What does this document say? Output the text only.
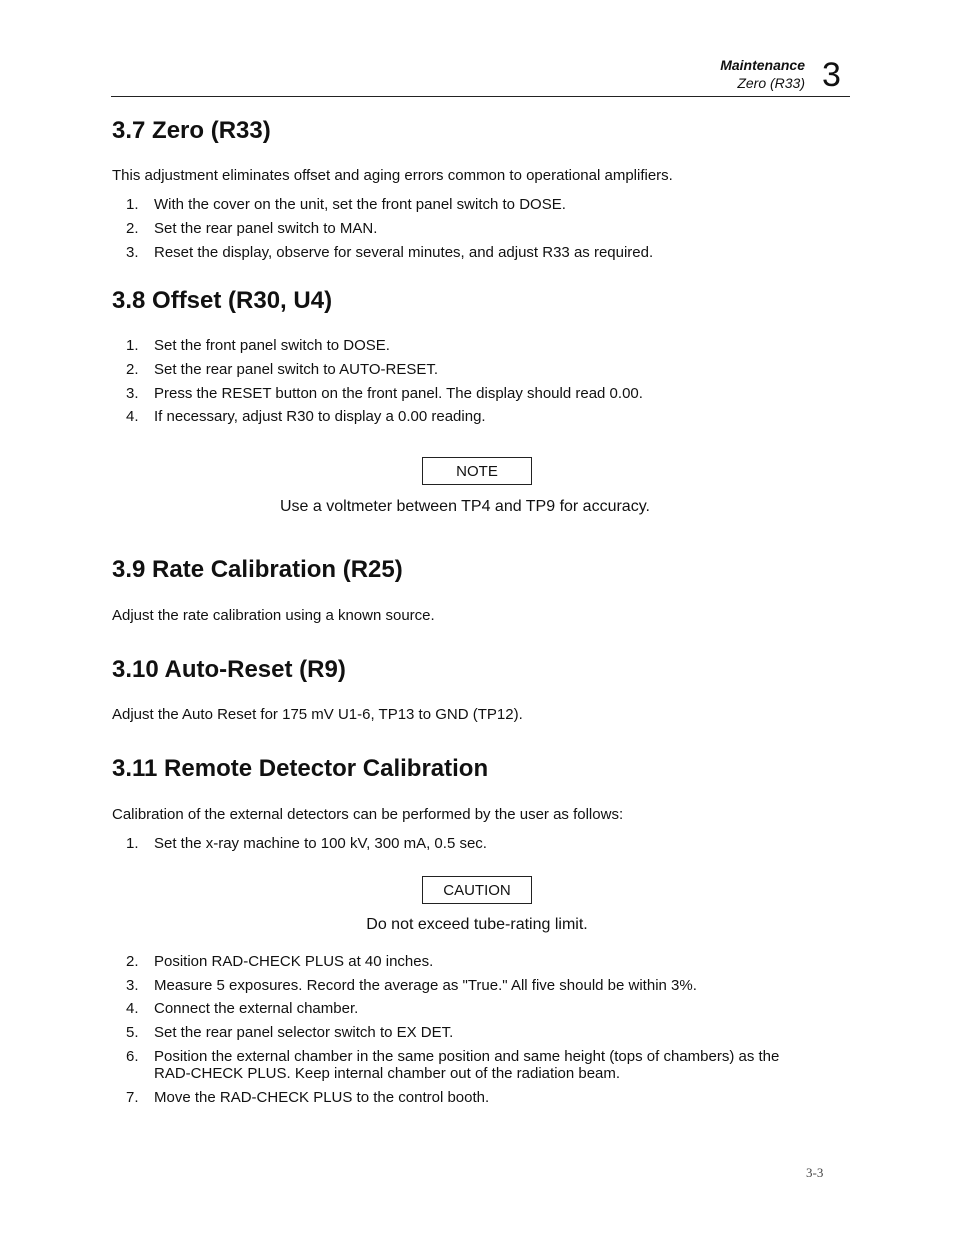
Maintenance
Zero (R33) 3
3.7 Zero (R33)
This adjustment eliminates offset and aging errors common to operational amplifiers.
1. With the cover on the unit, set the front panel switch to DOSE.
2. Set the rear panel switch to MAN.
3. Reset the display, observe for several minutes, and adjust R33 as required.
3.8 Offset (R30, U4)
1. Set the front panel switch to DOSE.
2. Set the rear panel switch to AUTO-RESET.
3. Press the RESET button on the front panel. The display should read 0.00.
4. If necessary, adjust R30 to display a 0.00 reading.
NOTE
Use a voltmeter between TP4 and TP9 for accuracy.
3.9 Rate Calibration (R25)
Adjust the rate calibration using a known source.
3.10 Auto-Reset (R9)
Adjust the Auto Reset for 175 mV U1-6, TP13 to GND (TP12).
3.11 Remote Detector Calibration
Calibration of the external detectors can be performed by the user as follows:
1. Set the x-ray machine to 100 kV, 300 mA, 0.5 sec.
CAUTION
Do not exceed tube-rating limit.
2. Position RAD-CHECK PLUS at 40 inches.
3. Measure 5 exposures. Record the average as "True." All five should be within 3%.
4. Connect the external chamber.
5. Set the rear panel selector switch to EX DET.
6. Position the external chamber in the same position and same height (tops of chambers) as the RAD-CHECK PLUS. Keep internal chamber out of the radiation beam.
7. Move the RAD-CHECK PLUS to the control booth.
3-3
